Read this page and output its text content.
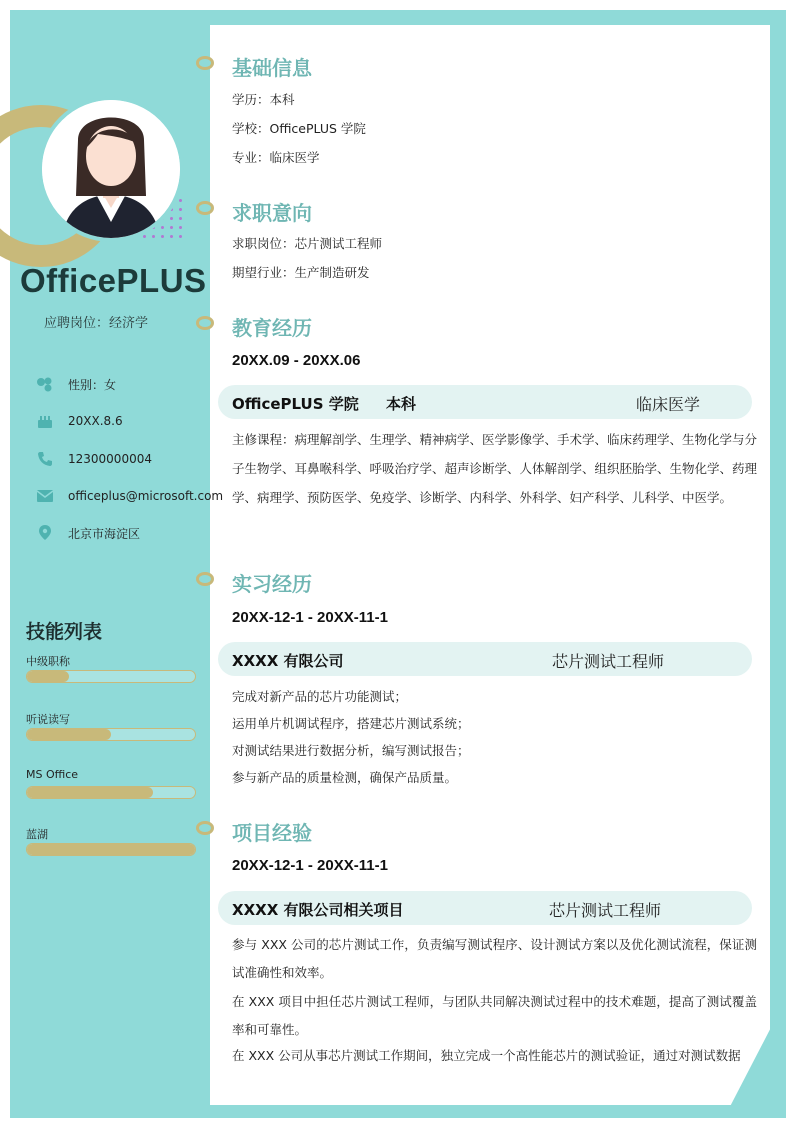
OfficePLUS
应聘岗位：经济学
性别：女
20XX.8.6
12300000004
officeplus@microsoft.com
北京市海淀区
技能列表
中级职称
听说读写
MS Office
蓝湖
基础信息
学历：本科
学校：OfficePLUS 学院
专业：临床医学
求职意向
求职岗位：芯片测试工程师
期望行业：生产制造研发
教育经历
20XX.09 - 20XX.06
OfficePLUS 学院 本科	临床医学
主修课程：病理解剖学、生理学、精神病学、医学影像学、手术学、临床药理学、生物化学与分子生物学、耳鼻喉科学、呼吸治疗学、超声诊断学、人体解剖学、组织胚胎学、生物化学、药理学、病理学、预防医学、免疫学、诊断学、内科学、外科学、妇产科学、儿科学、中医学。
实习经历
20XX-12-1 - 20XX-11-1
XXXX 有限公司	芯片测试工程师
完成对新产品的芯片功能测试；
运用单片机调试程序，搭建芯片测试系统；
对测试结果进行数据分析，编写测试报告；
参与新产品的质量检测，确保产品质量。
项目经验
20XX-12-1 - 20XX-11-1
XXXX 有限公司相关项目	芯片测试工程师
参与 XXX 公司的芯片测试工作，负责编写测试程序、设计测试方案以及优化测试流程，保证测试准确性和效率。
在 XXX 项目中担任芯片测试工程师，与团队共同解决测试过程中的技术难题，提高了测试覆盖率和可靠性。
在 XXX 公司从事芯片测试工作期间，独立完成一个高性能芯片的测试验证，通过对测试数据
